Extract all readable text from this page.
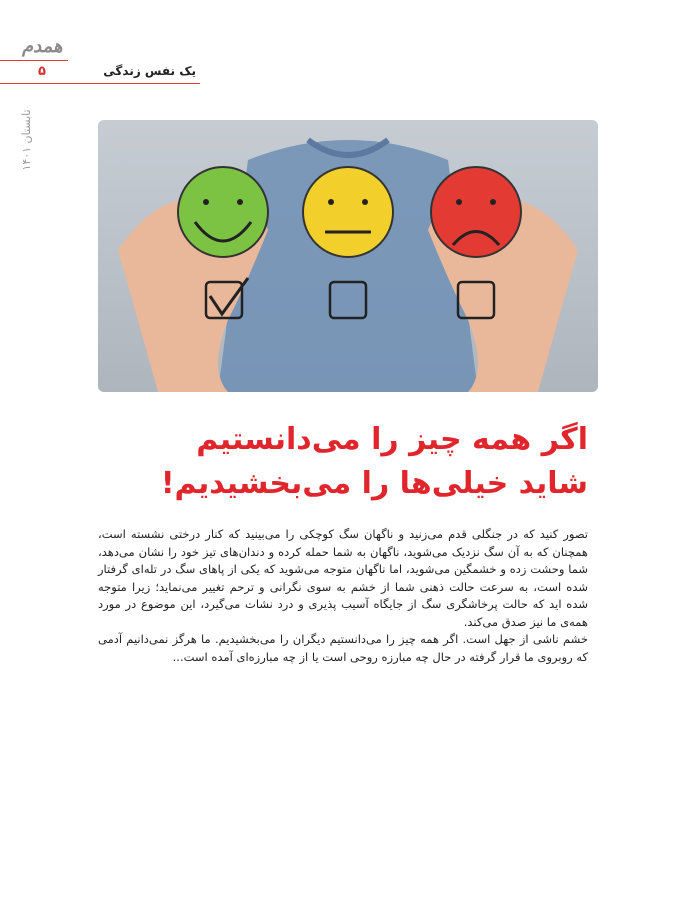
همدم
۵	یک نفس زندگی
تابستان ۱۴۰۱
اگر همه چیز را می‌دانستیم
شاید خیلی‌ها را می‌بخشیدیم!

تصور کنید که در جنگلی قدم می‌زنید و ناگهان سگ کوچکی را می‌بینید که کنار درختی نشسته است، همچنان که به آن سگ نزدیک می‌شوید، ناگهان به شما حمله کرده و دندان‌های تیز خود را نشان می‌دهد، شما وحشت زده و خشمگین می‌شوید، اما ناگهان متوجه می‌شوید که یکی از پاهای سگ در تله‌ای گرفتار شده است، به سرعت حالت ذهنی شما از خشم به سوی نگرانی و ترحم تغییر می‌نماید؛ زیرا متوجه شده اید که حالت پرخاشگری سگ از جایگاه آسیب پذیری و درد نشات می‌گیرد، این موضوع در مورد همه‌ی ما نیز صدق می‌کند.

خشم ناشی از جهل است. اگر همه چیز را می‌دانستیم دیگران را می‌بخشیدیم. ما هرگز نمی‌دانیم آدمی که روبروی ما قرار گرفته در حال چه مبارزه روحی است یا از چه مبارزه‌ای آمده است...
